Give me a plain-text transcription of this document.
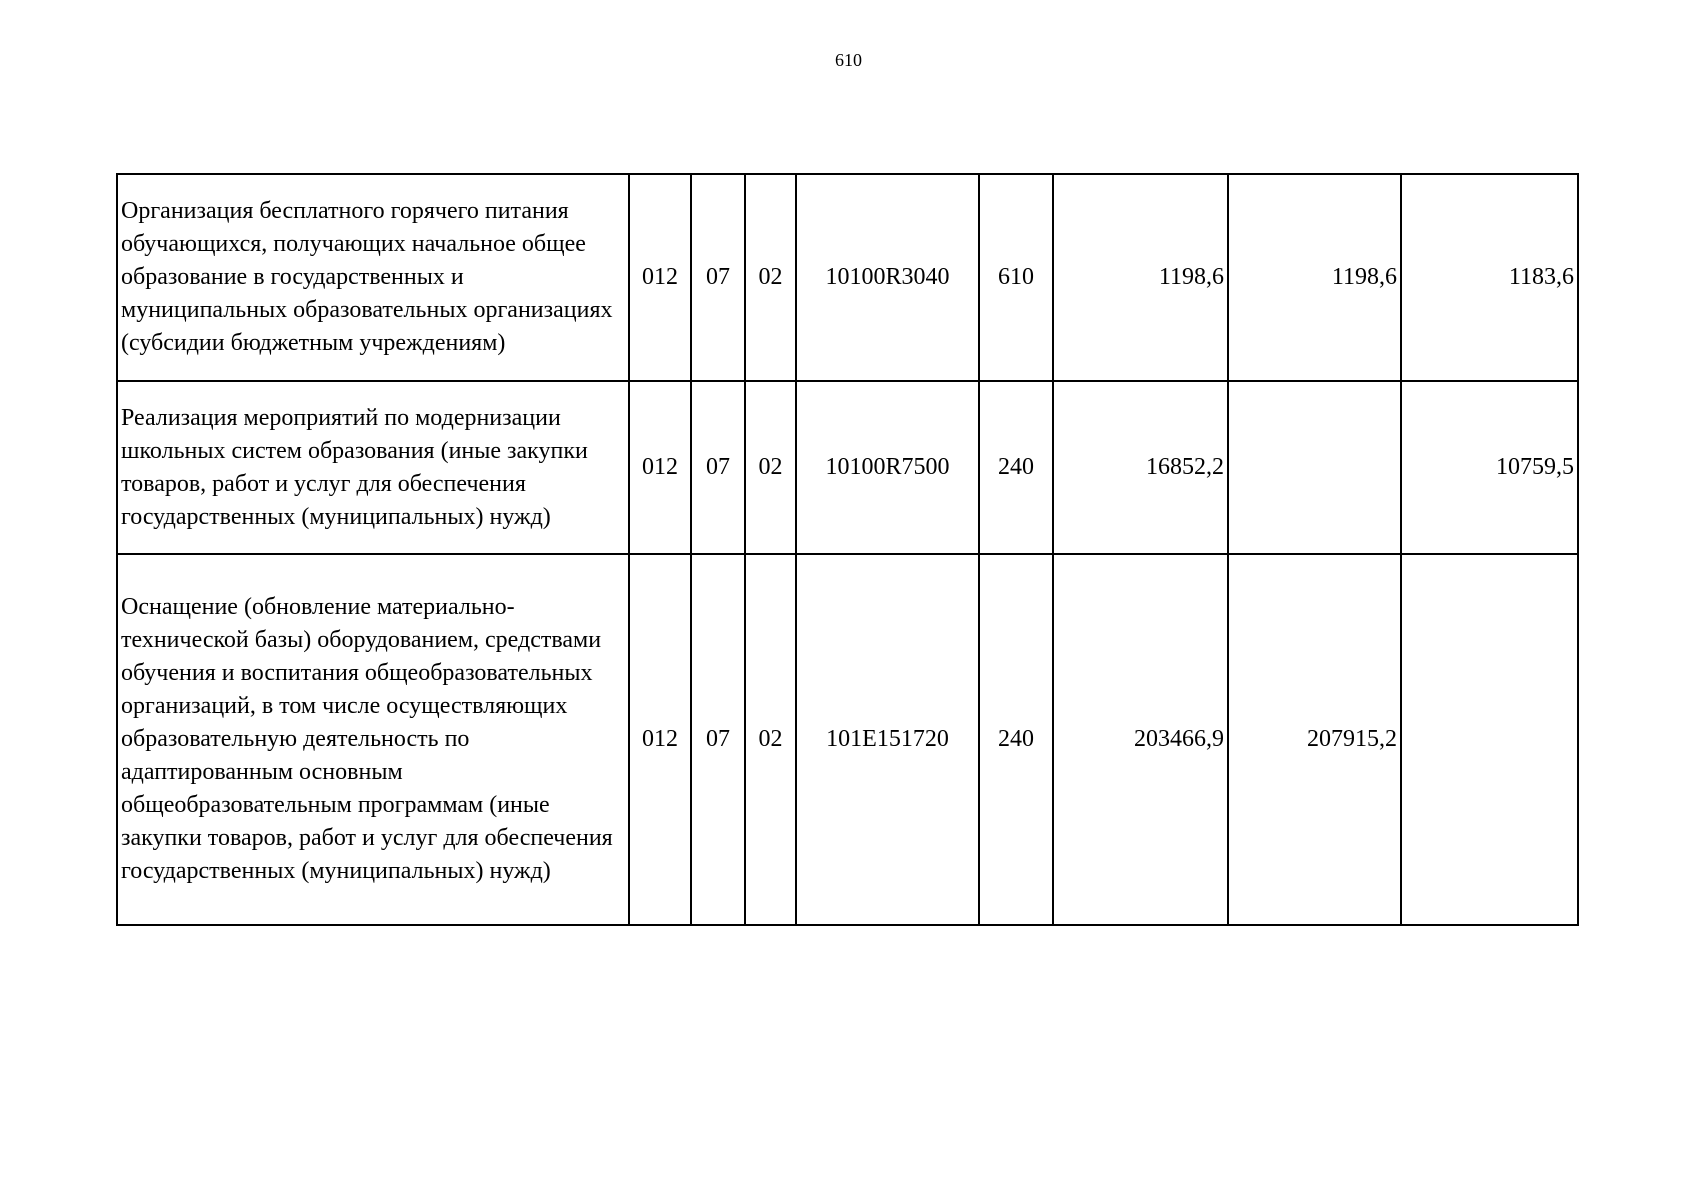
610
Организация бесплатного горячего питания обучающихся, получающих начальное общее образование в государственных и муниципальных образовательных организациях (субсидии бюджетным учреждениям)	012	07	02	10100R3040	610	1198,6	1198,6	1183,6
Реализация мероприятий по модернизации школьных систем образования (иные закупки товаров, работ и услуг для обеспечения государственных (муниципальных) нужд)	012	07	02	10100R7500	240	16852,2		10759,5
Оснащение (обновление материально-технической базы) оборудованием, средствами обучения и воспитания общеобразовательных организаций, в том числе осуществляющих образовательную деятельность по адаптированным основным общеобразовательным программам (иные закупки товаров, работ и услуг для обеспечения государственных (муниципальных) нужд)	012	07	02	101E151720	240	203466,9	207915,2	
